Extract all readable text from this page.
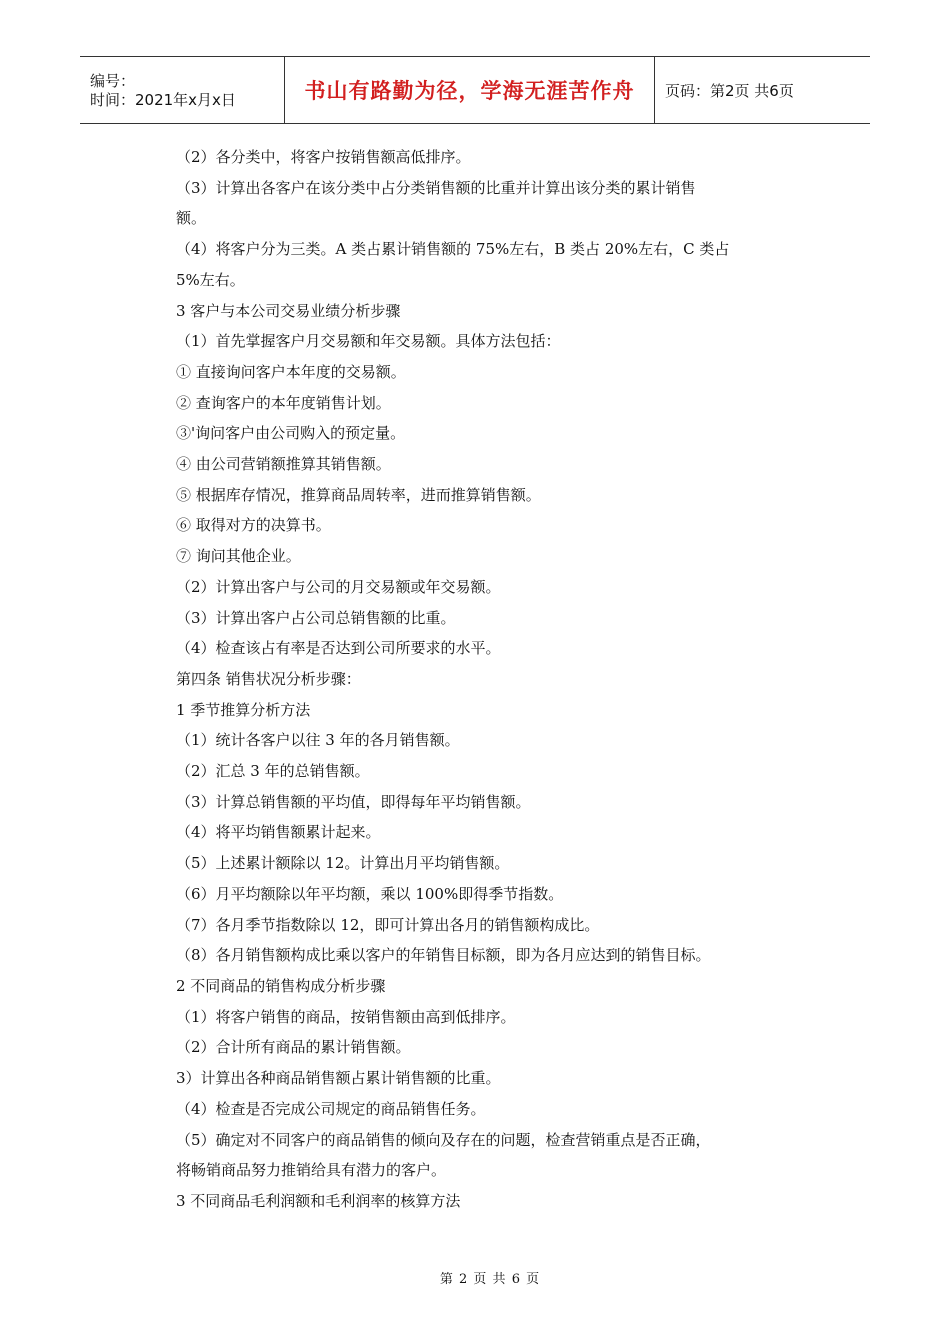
编号：
时间：2021年x月x日	书山有路勤为径，学海无涯苦作舟	页码：第2页 共6页
（2）各分类中，将客户按销售额高低排序。
（3）计算出各客户在该分类中占分类销售额的比重并计算出该分类的累计销售
额。
（4）将客户分为三类。A 类占累计销售额的 75%左右，B 类占 20%左右，C 类占
5%左右。
3 客户与本公司交易业绩分析步骤
（1）首先掌握客户月交易额和年交易额。具体方法包括：
① 直接询问客户本年度的交易额。
② 查询客户的本年度销售计划。
③'询问客户由公司购入的预定量。
④ 由公司营销额推算其销售额。
⑤ 根据库存情况，推算商品周转率，进而推算销售额。
⑥ 取得对方的决算书。
⑦ 询问其他企业。
（2）计算出客户与公司的月交易额或年交易额。
（3）计算出客户占公司总销售额的比重。
（4）检查该占有率是否达到公司所要求的水平。
第四条 销售状况分析步骤：
1 季节推算分析方法
（1）统计各客户以往 3 年的各月销售额。
（2）汇总 3 年的总销售额。
（3）计算总销售额的平均值，即得每年平均销售额。
（4）将平均销售额累计起来。
（5）上述累计额除以 12。计算出月平均销售额。
（6）月平均额除以年平均额，乘以 100%即得季节指数。
（7）各月季节指数除以 12，即可计算出各月的销售额构成比。
（8）各月销售额构成比乘以客户的年销售目标额，即为各月应达到的销售目标。
2 不同商品的销售构成分析步骤
（1）将客户销售的商品，按销售额由高到低排序。
（2）合计所有商品的累计销售额。
3）计算出各种商品销售额占累计销售额的比重。
（4）检查是否完成公司规定的商品销售任务。
（5）确定对不同客户的商品销售的倾向及存在的问题，检查营销重点是否正确，
将畅销商品努力推销给具有潜力的客户。
3 不同商品毛利润额和毛利润率的核算方法
第 2 页 共 6 页
